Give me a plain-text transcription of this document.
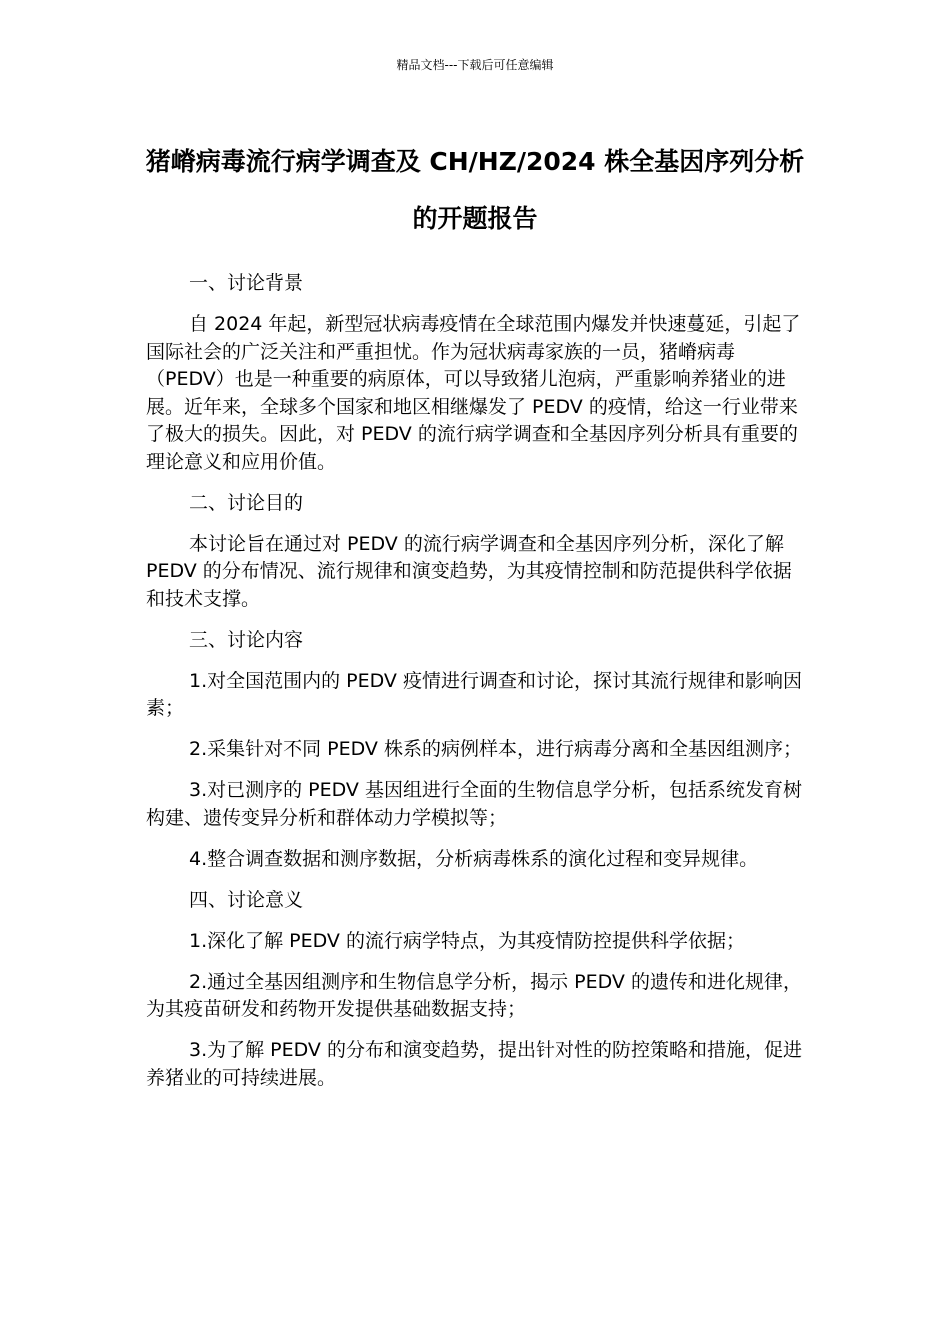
精品文档---下载后可任意编辑
猪嵴病毒流行病学调查及 CH/HZ/2024 株全基因序列分析的开题报告

一、讨论背景

自 2024 年起，新型冠状病毒疫情在全球范围内爆发并快速蔓延，引起了国际社会的广泛关注和严重担忧。作为冠状病毒家族的一员，猪嵴病毒（PEDV）也是一种重要的病原体，可以导致猪儿泡病，严重影响养猪业的进展。近年来，全球多个国家和地区相继爆发了 PEDV 的疫情，给这一行业带来了极大的损失。因此，对 PEDV 的流行病学调查和全基因序列分析具有重要的理论意义和应用价值。

二、讨论目的

本讨论旨在通过对 PEDV 的流行病学调查和全基因序列分析，深化了解 PEDV 的分布情况、流行规律和演变趋势，为其疫情控制和防范提供科学依据和技术支撑。

三、讨论内容

1.对全国范围内的 PEDV 疫情进行调查和讨论，探讨其流行规律和影响因素；

2.采集针对不同 PEDV 株系的病例样本，进行病毒分离和全基因组测序；

3.对已测序的 PEDV 基因组进行全面的生物信息学分析，包括系统发育树构建、遗传变异分析和群体动力学模拟等；

4.整合调查数据和测序数据，分析病毒株系的演化过程和变异规律。

四、讨论意义

1.深化了解 PEDV 的流行病学特点，为其疫情防控提供科学依据；

2.通过全基因组测序和生物信息学分析，揭示 PEDV 的遗传和进化规律，为其疫苗研发和药物开发提供基础数据支持；

3.为了解 PEDV 的分布和演变趋势，提出针对性的防控策略和措施，促进养猪业的可持续进展。
